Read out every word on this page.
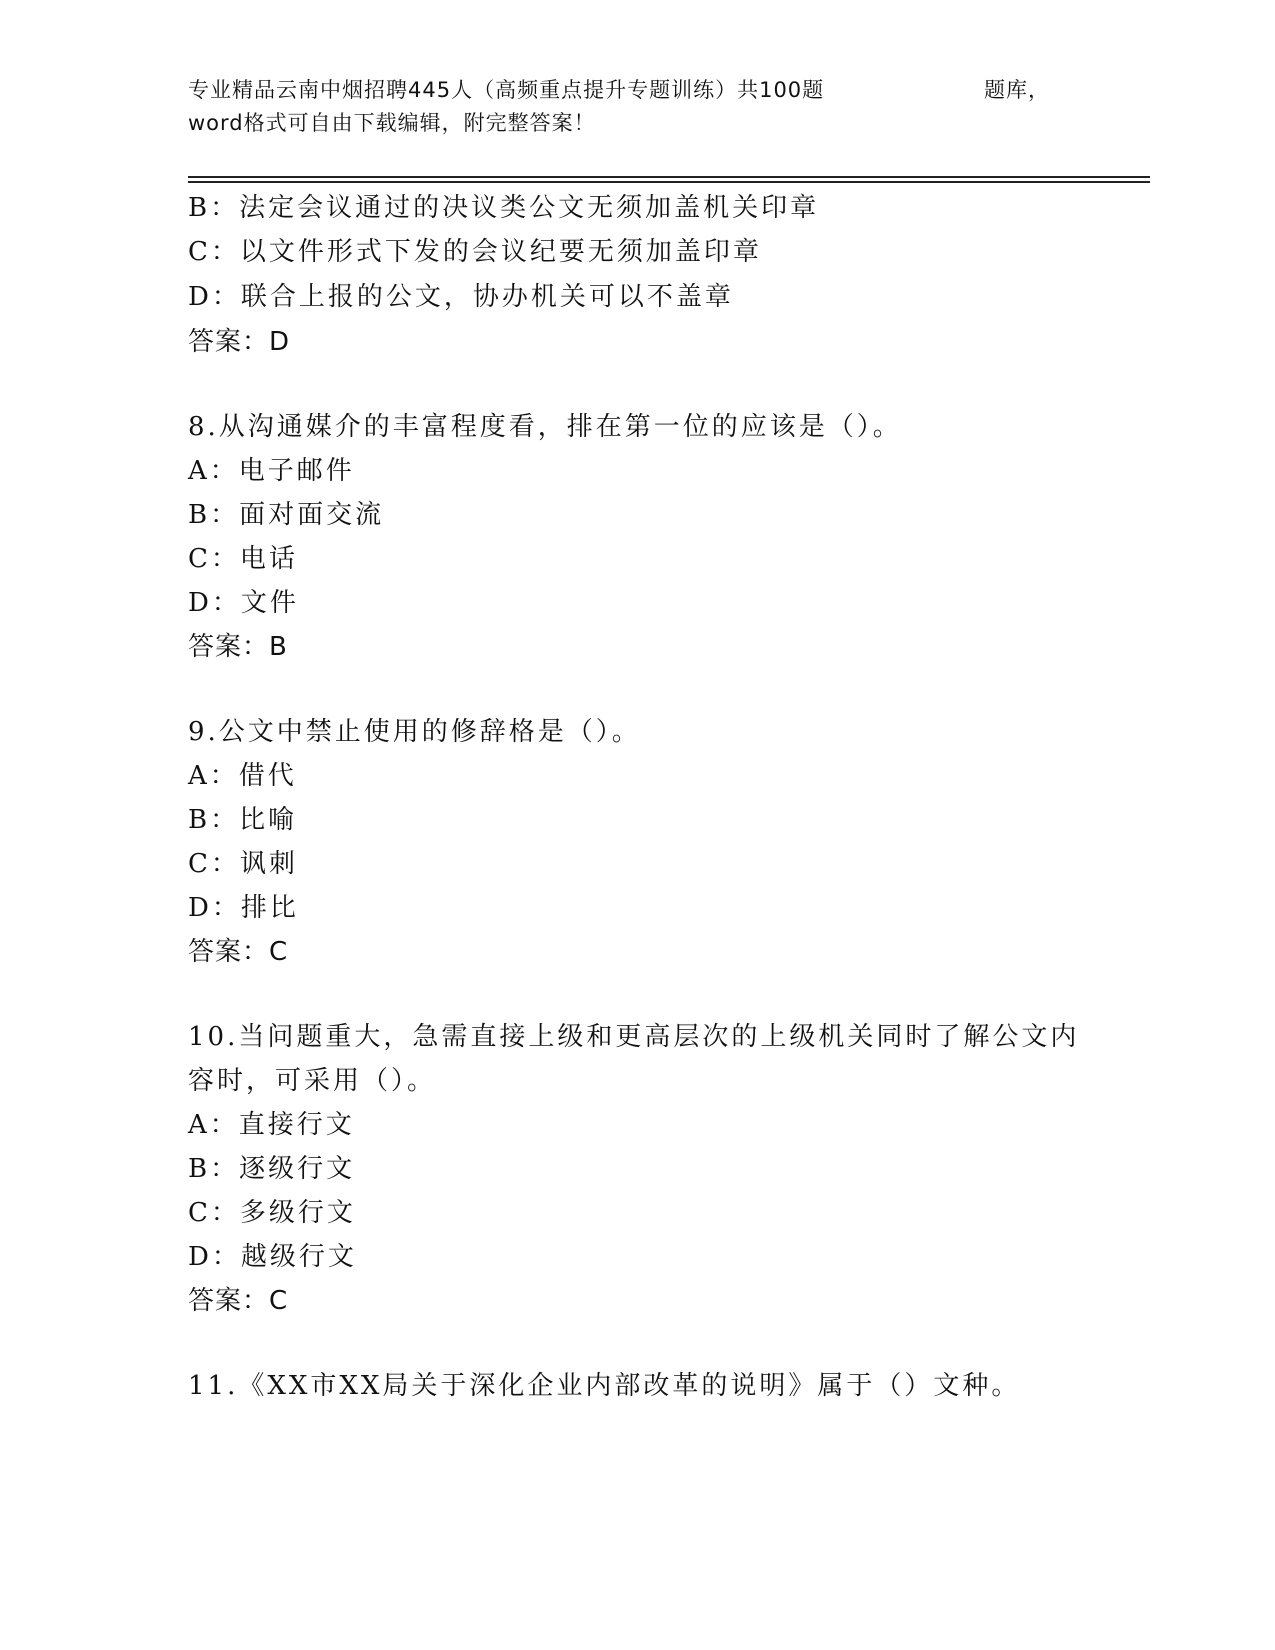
专业精品云南中烟招聘445人（高频重点提升专题训练）共100题	题库，
word格式可自由下载编辑，附完整答案！
B：法定会议通过的决议类公文无须加盖机关印章
C：以文件形式下发的会议纪要无须加盖印章
D：联合上报的公文，协办机关可以不盖章
答案：D
8.从沟通媒介的丰富程度看，排在第一位的应该是（）。
A：电子邮件
B：面对面交流
C：电话
D：文件
答案：B
9.公文中禁止使用的修辞格是（）。
A：借代
B：比喻
C：讽刺
D：排比
答案：C
10.当问题重大，急需直接上级和更高层次的上级机关同时了解公文内
容时，可采用（）。
A：直接行文
B：逐级行文
C：多级行文
D：越级行文
答案：C
11.《XX市XX局关于深化企业内部改革的说明》属于（）文种。
